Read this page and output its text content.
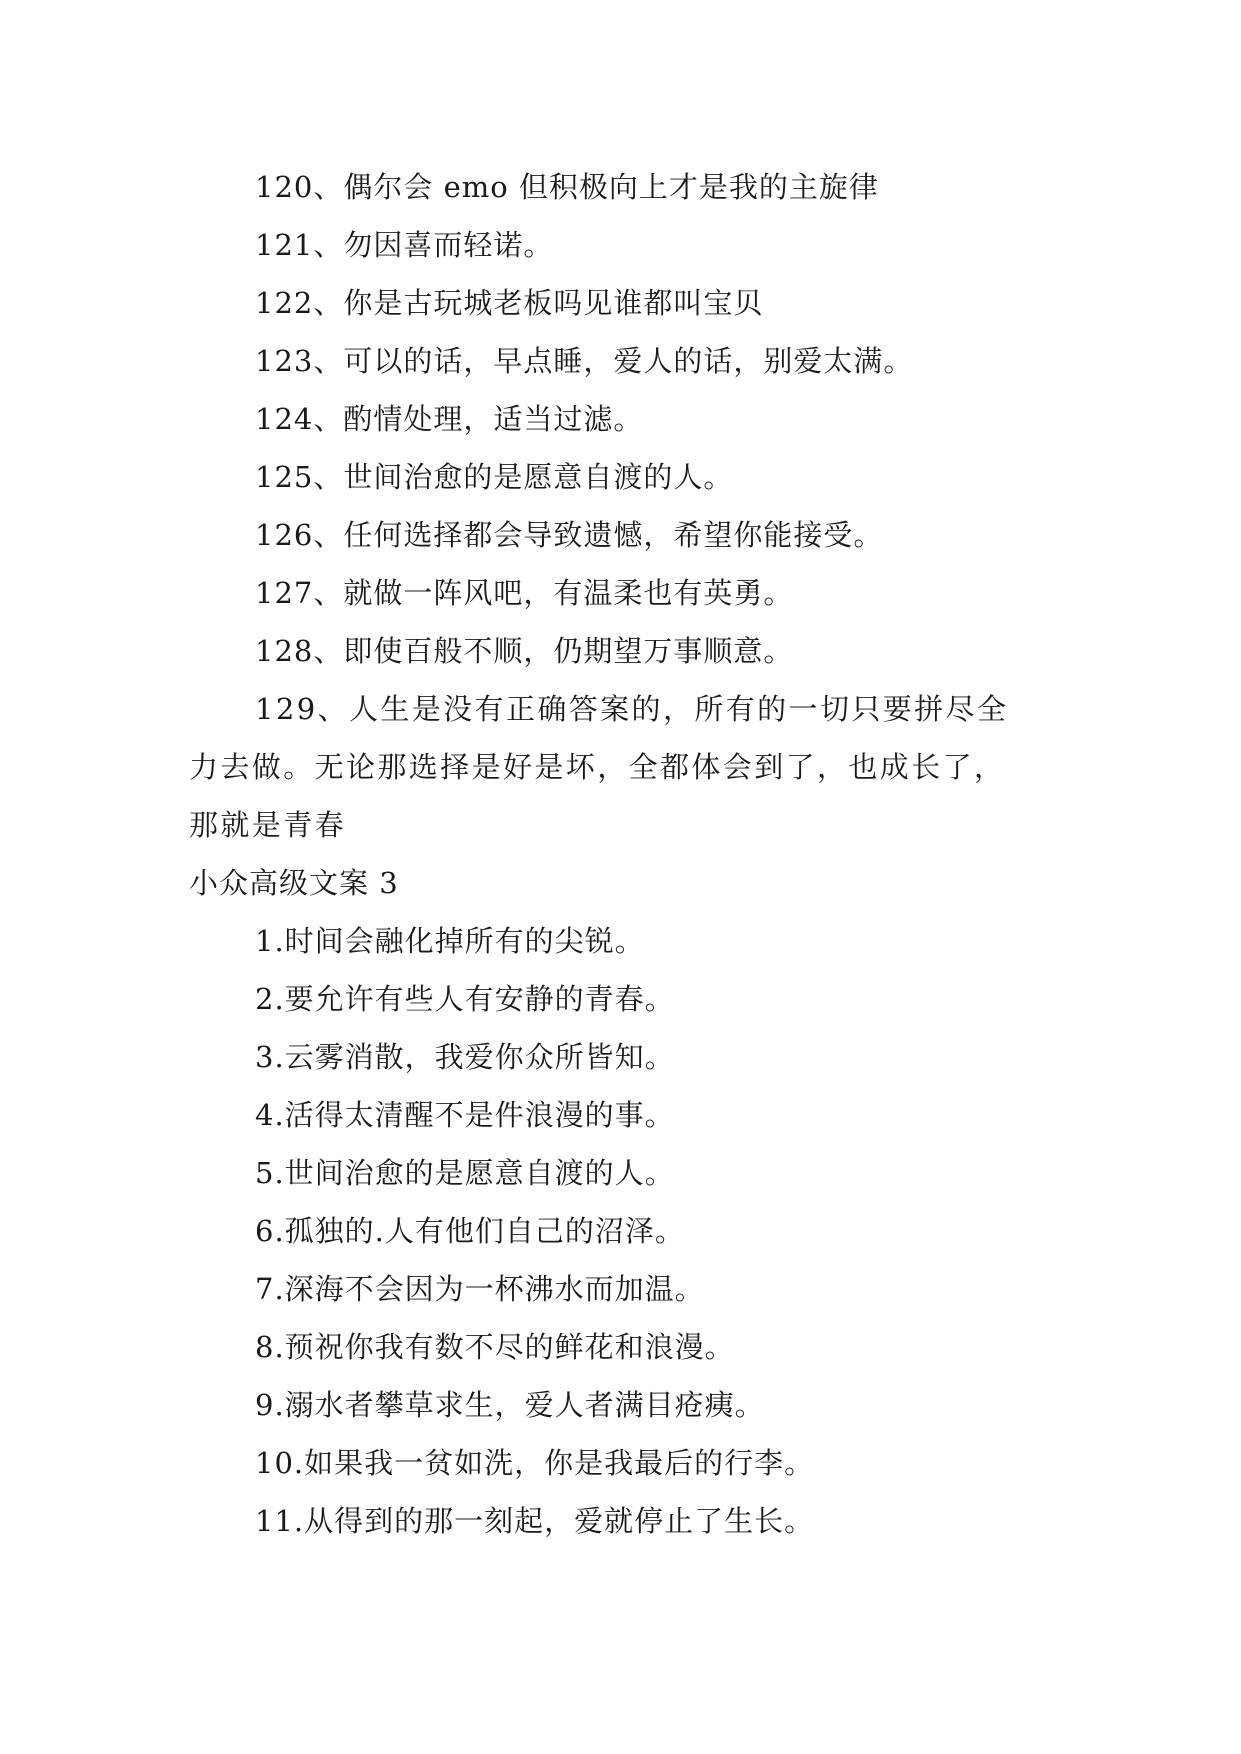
120、偶尔会 emo 但积极向上才是我的主旋律
121、勿因喜而轻诺。
122、你是古玩城老板吗见谁都叫宝贝
123、可以的话，早点睡，爱人的话，别爱太满。
124、酌情处理，适当过滤。
125、世间治愈的是愿意自渡的人。
126、任何选择都会导致遗憾，希望你能接受。
127、就做一阵风吧，有温柔也有英勇。
128、即使百般不顺，仍期望万事顺意。
129、人生是没有正确答案的，所有的一切只要拼尽全
力去做。无论那选择是好是坏，全都体会到了，也成长了，
那就是青春
小众高级文案 3
1.时间会融化掉所有的尖锐。
2.要允许有些人有安静的青春。
3.云雾消散，我爱你众所皆知。
4.活得太清醒不是件浪漫的事。
5.世间治愈的是愿意自渡的人。
6.孤独的.人有他们自己的沼泽。
7.深海不会因为一杯沸水而加温。
8.预祝你我有数不尽的鲜花和浪漫。
9.溺水者攀草求生，爱人者满目疮痍。
10.如果我一贫如洗，你是我最后的行李。
11.从得到的那一刻起，爱就停止了生长。
